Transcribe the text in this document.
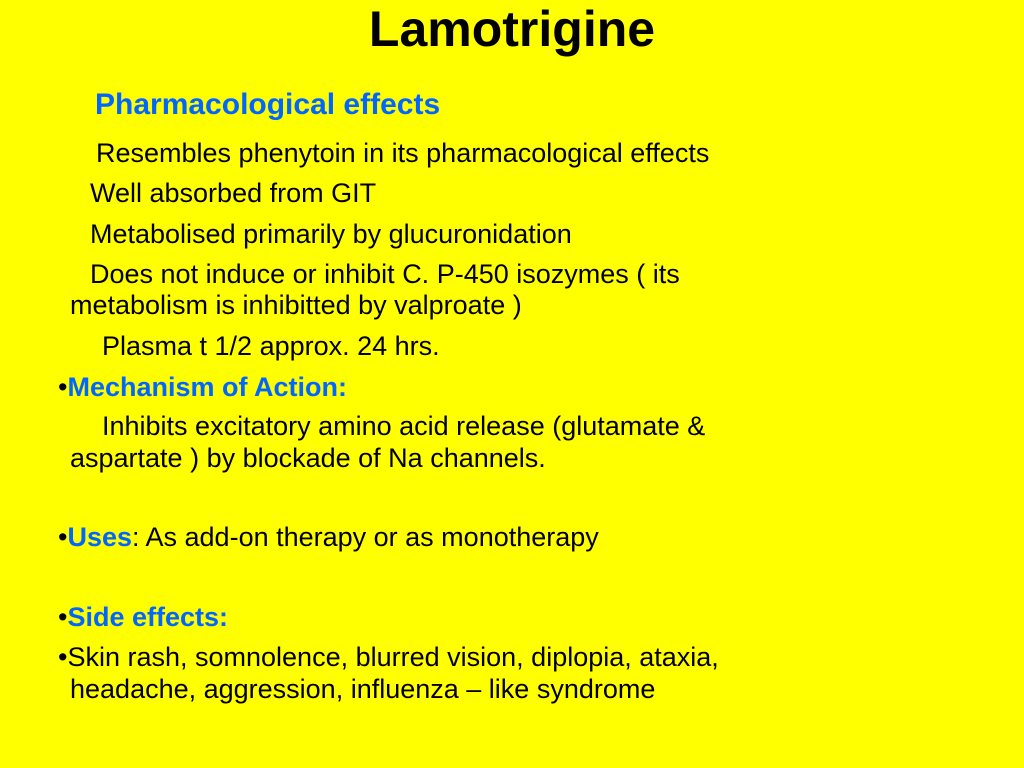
Lamotrigine
Pharmacological effects
Resembles phenytoin in its pharmacological effects
Well absorbed from GIT
Metabolised primarily by glucuronidation
Does not induce or inhibit C. P-450 isozymes ( its
metabolism is inhibitted by valproate )
Plasma t 1/2 approx. 24 hrs.
•Mechanism of Action:
Inhibits excitatory amino acid release (glutamate &
aspartate ) by blockade of Na channels.
•Uses: As add-on therapy or as monotherapy
•Side effects:
•Skin rash, somnolence, blurred vision, diplopia, ataxia,
headache, aggression, influenza – like syndrome
